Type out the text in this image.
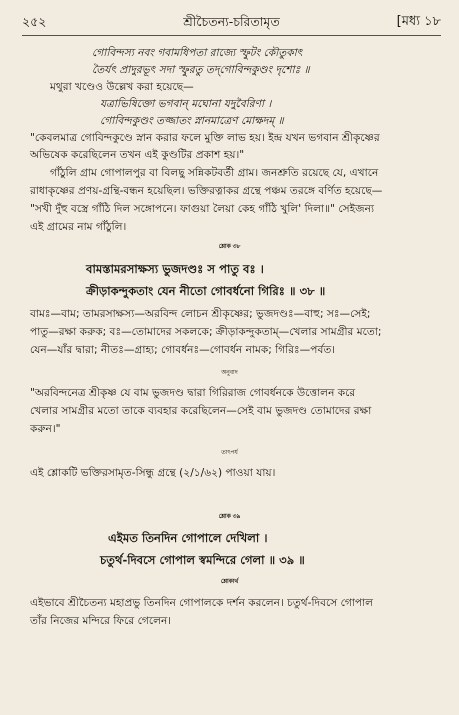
২৫২	শ্রীচৈতন্য-চরিতামৃত	[মধ্য ১৮
গোবিন্দস্য নবং গবামধিপতা রাজ্যে স্ফুটং কৌতুকাৎ
তৈর্যৎ প্রাদুরভূৎ সদা স্ফুরতু তদ্‌গোবিন্দকুণ্ডং দৃশোঃ ॥
মথুরা খণ্ডেও উল্লেখ করা হয়েছে—
যত্রাভিষিক্তো ভগবান্‌ মঘোনা যদুবৈরিণা ।
গোবিন্দকুণ্ডং তজ্জাতং স্নানমাত্রেণ মোক্ষদম্‌ ॥
"কেবলমাত্র গোবিন্দকুণ্ডে স্নান করার ফলে মুক্তি লাভ হয়। ইন্দ্র যখন ভগবান শ্রীকৃষ্ণের
অভিষেক করেছিলেন তখন এই কুণ্ডটির প্রকাশ হয়।"
গাঁঠুলি গ্রাম গোপালপুর বা বিলছু সন্নিকটবর্তী গ্রাম। জনশ্রুতি রয়েছে যে, এখানে
রাধাকৃষ্ণের প্রণয়-গ্রন্থি-বন্ধন হয়েছিল। ভক্তিরত্নাকর গ্রন্থে পঞ্চম তরঙ্গে বর্ণিত হয়েছে—
"সখী দুঁহু বস্ত্রে গাঁঠি দিল সঙ্গোপনে। ফাগুয়া লৈয়া কেহ গাঁঠি খুলি' দিলা॥" সেইজন্য
এই গ্রামের নাম গাঁঠুলি।
শ্লোক ৩৮
বামস্তামরসাক্ষস্য ভুজদণ্ডঃ স পাতু বঃ ।
ক্রীড়াকন্দুকতাং যেন নীতো গোবর্ধনো গিরিঃ ॥ ৩৮ ॥
বামঃ—বাম; তামরসাক্ষস্য—অরবিন্দ লোচন শ্রীকৃষ্ণের; ভুজদণ্ডঃ—বাহু; সঃ—সেই;
পাতু—রক্ষা করুক; বঃ—তোমাদের সকলকে; ক্রীড়াকন্দুকতাম্‌—খেলার সামগ্রীর মতো;
যেন—যাঁর দ্বারা; নীতঃ—গ্রাহ্য; গোবর্ধনঃ—গোবর্ধন নামক; গিরিঃ—পর্বত।
অনুবাদ
"অরবিন্দনেত্র শ্রীকৃষ্ণ যে বাম ভুজদণ্ড দ্বারা গিরিরাজ গোবর্ধনকে উত্তোলন করে
খেলার সামগ্রীর মতো তাকে ব্যবহার করেছিলেন—সেই বাম ভুজদণ্ড তোমাদের রক্ষা
করুন।"
তাৎপর্য
এই শ্লোকটি ভক্তিরসামৃত-সিন্ধু গ্রন্থে (২/১/৬২) পাওয়া যায়।
শ্লোক ৩৯
এইমত তিনদিন গোপালে দেখিলা ।
চতুর্থ-দিবসে গোপাল স্বমন্দিরে গেলা ॥ ৩৯ ॥
শ্লোকার্থ
এইভাবে শ্রীচৈতন্য মহাপ্রভু তিনদিন গোপালকে দর্শন করলেন। চতুর্থ-দিবসে গোপাল
তাঁর নিজের মন্দিরে ফিরে গেলেন।
